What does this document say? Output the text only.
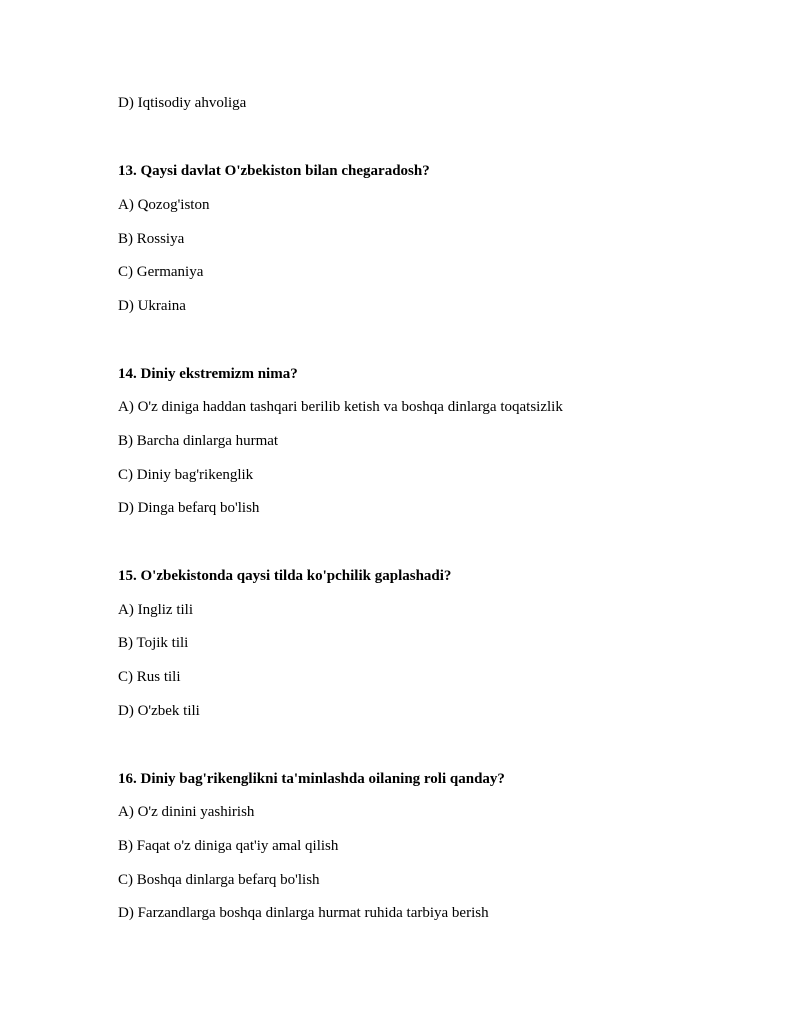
D) Iqtisodiy ahvoliga
13. Qaysi davlat O'zbekiston bilan chegaradosh?
A) Qozog'iston
B) Rossiya
C) Germaniya
D) Ukraina
14. Diniy ekstremizm nima?
A) O'z diniga haddan tashqari berilib ketish va boshqa dinlarga toqatsizlik
B) Barcha dinlarga hurmat
C) Diniy bag'rikenglik
D) Dinga befarq bo'lish
15. O'zbekistonda qaysi tilda ko'pchilik gaplashadi?
A) Ingliz tili
B) Tojik tili
C) Rus tili
D) O'zbek tili
16. Diniy bag'rikenglikni ta'minlashda oilaning roli qanday?
A) O'z dinini yashirish
B) Faqat o'z diniga qat'iy amal qilish
C) Boshqa dinlarga befarq bo'lish
D) Farzandlarga boshqa dinlarga hurmat ruhida tarbiya berish
